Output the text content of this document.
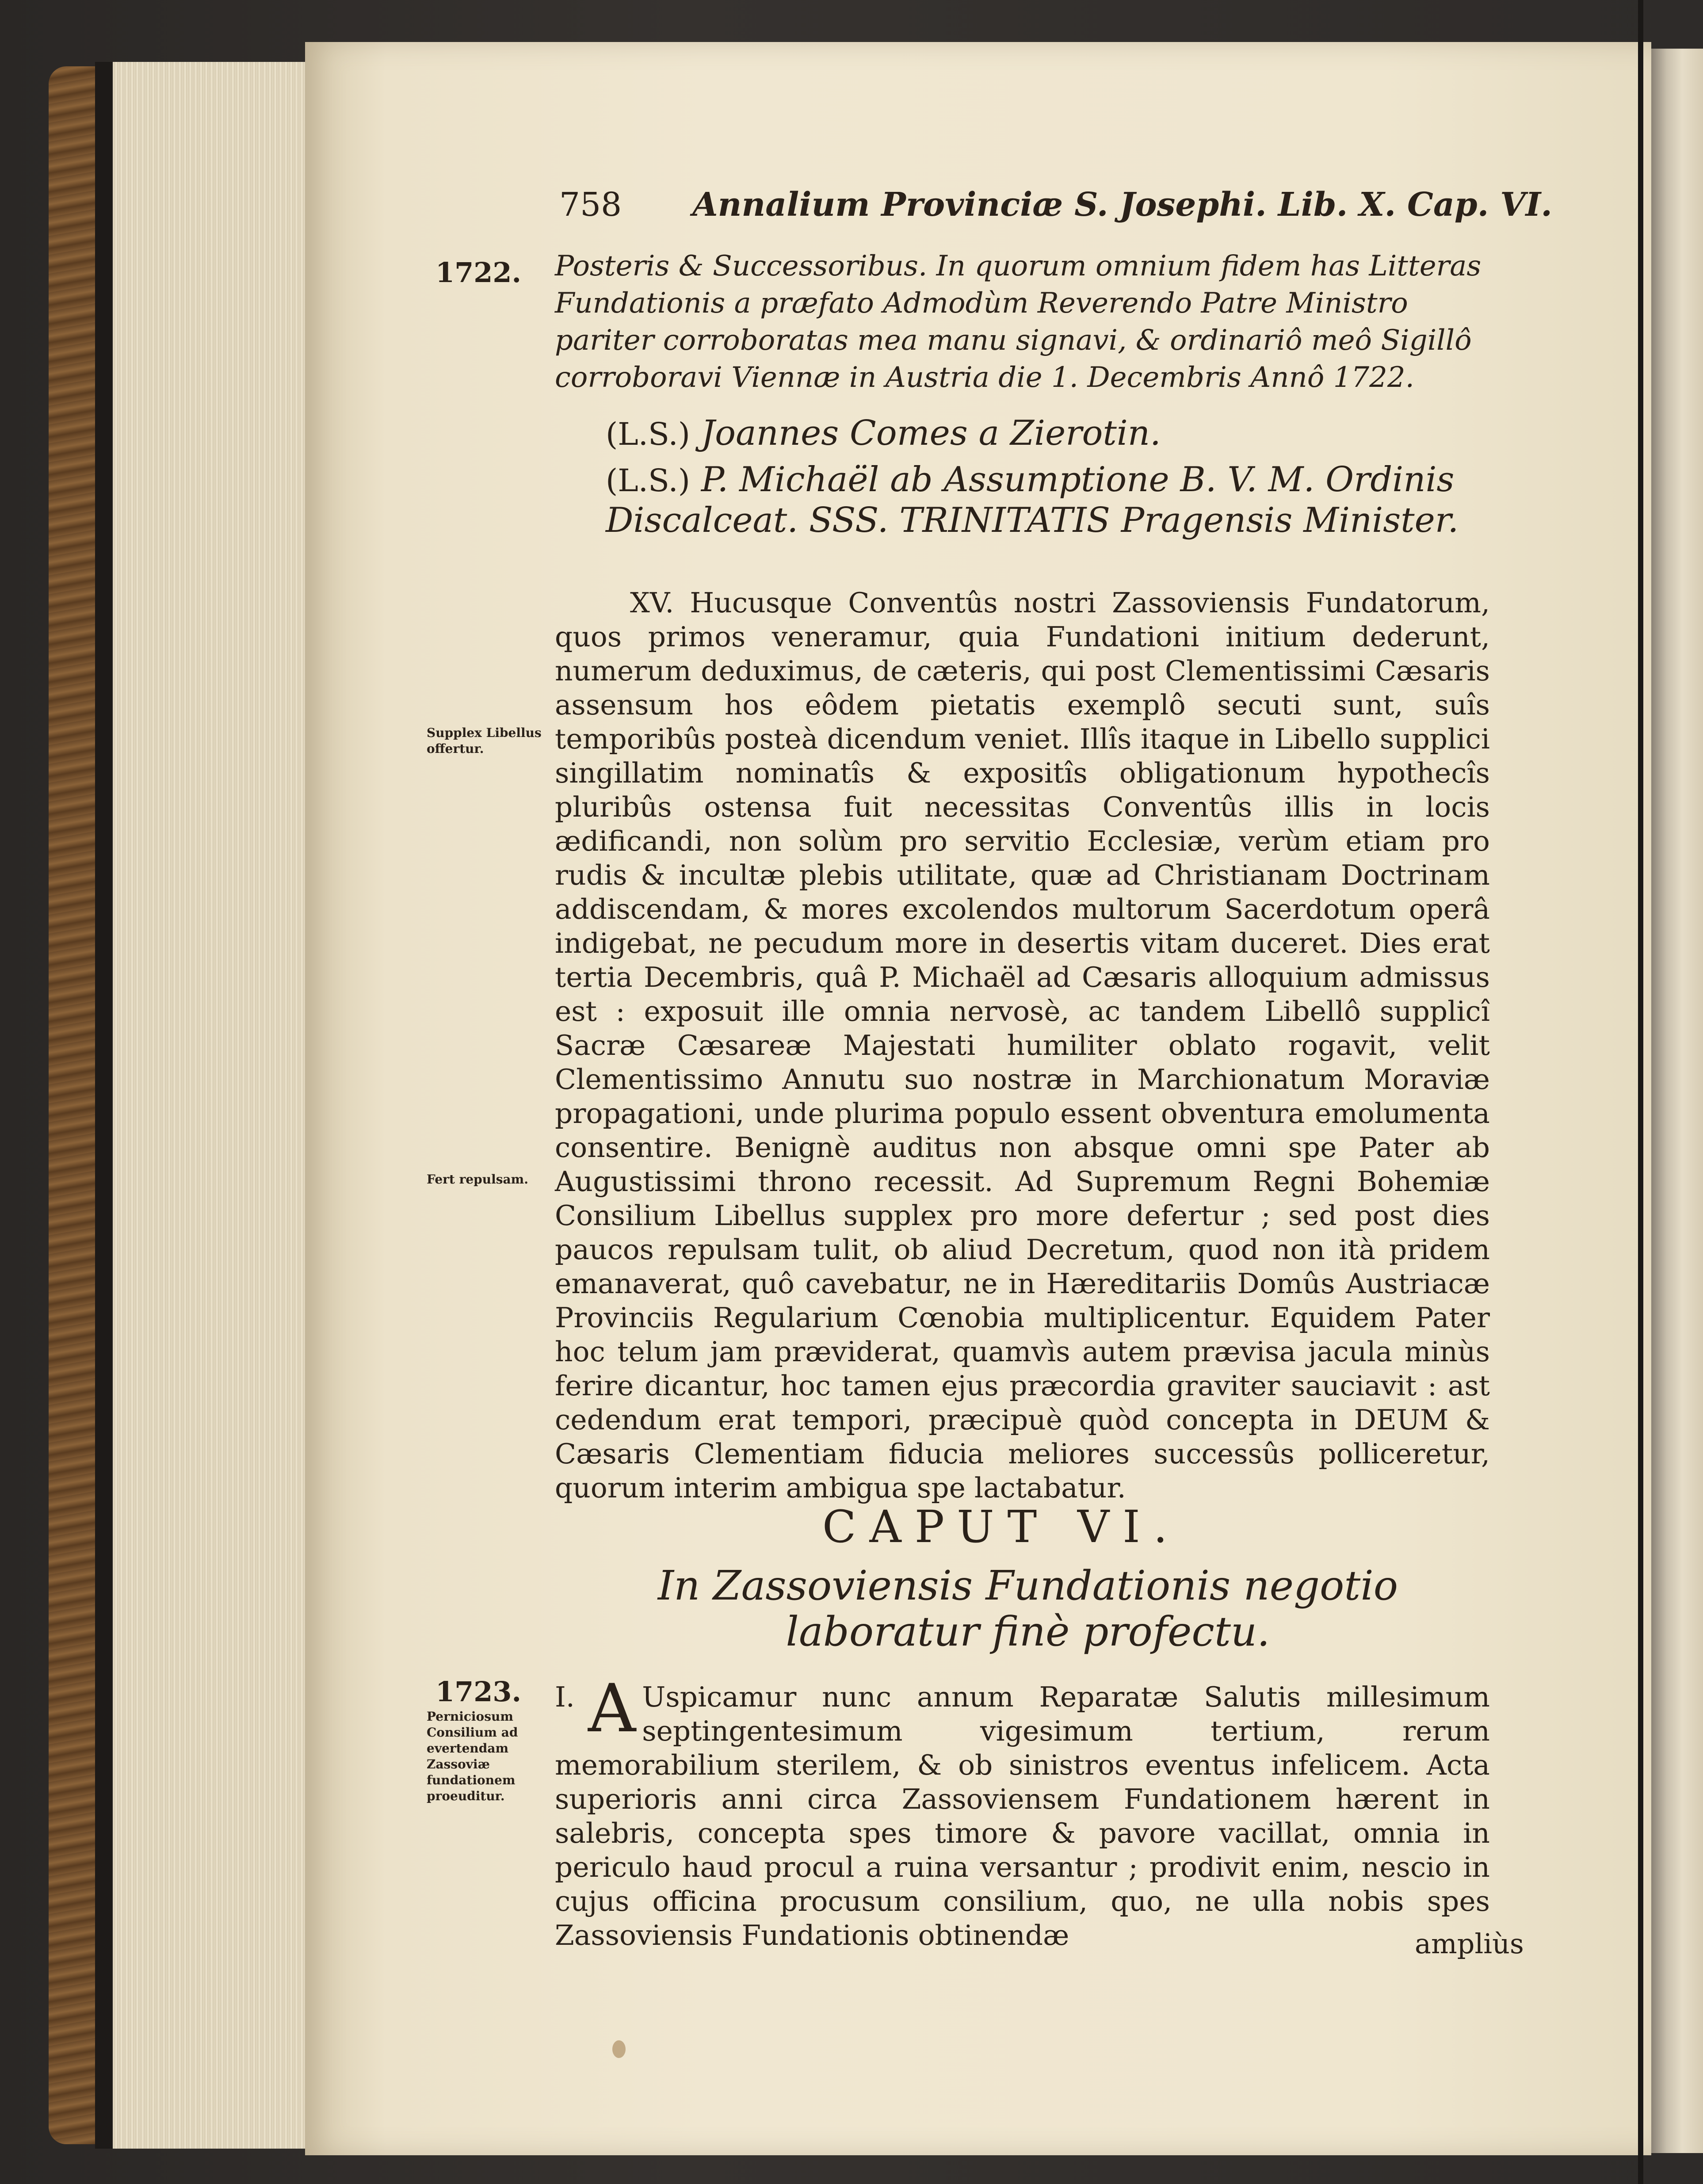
758 Annalium Provinciæ S. Josephi. Lib. X. Cap. VI.
1722. Posteris & Successoribus. In quorum omnium fidem has Litteras Fundationis a præfato Admodùm Reverendo Patre Ministro pariter corroboratas mea manu signavi, & ordinariô meô Sigillô corroboravi Viennæ in Austria die 1. Decembris Annô 1722.
(L.S.) Joannes Comes a Zierotin.
(L.S.) P. Michaël ab Assumptione B. V. M. Ordinis Discalceat. SSS. TRINITATIS Pragensis Minister.
XV. Hucusque Conventûs nostri Zassoviensis Fundatorum, quos primos veneramur, quia Fundationi initium dederunt, numerum deduximus, de cæteris, qui post Clementissimi Cæsaris assensum hos eôdem pietatis exemplô secuti sunt, suîs temporibûs posteà dicendum veniet. Illîs itaque in Libello supplici singillatim nominatîs & expositîs obligationum hypothecîs pluribûs ostensa fuit necessitas Conventûs illis in locis ædificandi, non solùm pro servitio Ecclesiæ, verùm etiam pro rudis & incultæ plebis utilitate, quæ ad Christianam Doctrinam addiscendam, & mores excolendos multorum Sacerdotum operâ indigebat, ne pecudum more in desertis vitam duceret. Dies erat tertia Decembris, quâ P. Michaël ad Cæsaris alloquium admissus est : exposuit ille omnia nervosè, ac tandem Libellô supplicî Sacræ Cæsareæ Majestati humiliter oblato rogavit, velit Clementissimo Annutu suo nostræ in Marchionatum Moraviæ propagationi, unde plurima populo essent obventura emolumenta consentire. Benignè auditus non absque omni spe Pater ab Augustissimi throno recessit. Ad Supremum Regni Bohemiæ Consilium Libellus supplex pro more defertur ; sed post dies paucos repulsam tulit, ob aliud Decretum, quod non ità pridem emanaverat, quô cavebatur, ne in Hæreditariis Domûs Austriacæ Provinciis Regularium Cœnobia multiplicentur. Equidem Pater hoc telum jam præviderat, quamvìs autem prævisa jacula minùs ferire dicantur, hoc tamen ejus præcordia graviter sauciavit : ast cedendum erat tempori, præcipuè quòd concepta in DEUM & Cæsaris Clementiam fiducia meliores successûs polliceretur, quorum interim ambigua spe lactabatur.
Supplex Libellus offertur.
Fert repulsam.
CAPUT VI.
In Zassoviensis Fundationis negotio laboratur finè profectu.
1723.
Perniciosum Consilium ad evertendam Zassoviæ fundationem proeuditur.
I. A Uspicamur nunc annum Reparatæ Salutis millesimum septingentesimum vigesimum tertium, rerum memorabilium sterilem, & ob sinistros eventus infelicem. Acta superioris anni circa Zassoviensem Fundationem hærent in salebris, concepta spes timore & pavore vacillat, omnia in periculo haud procul a ruina versantur ; prodivit enim, nescio in cujus officina procusum consilium, quo, ne ulla nobis spes Zassoviensis Fundationis obtinendæ	ampliùs
